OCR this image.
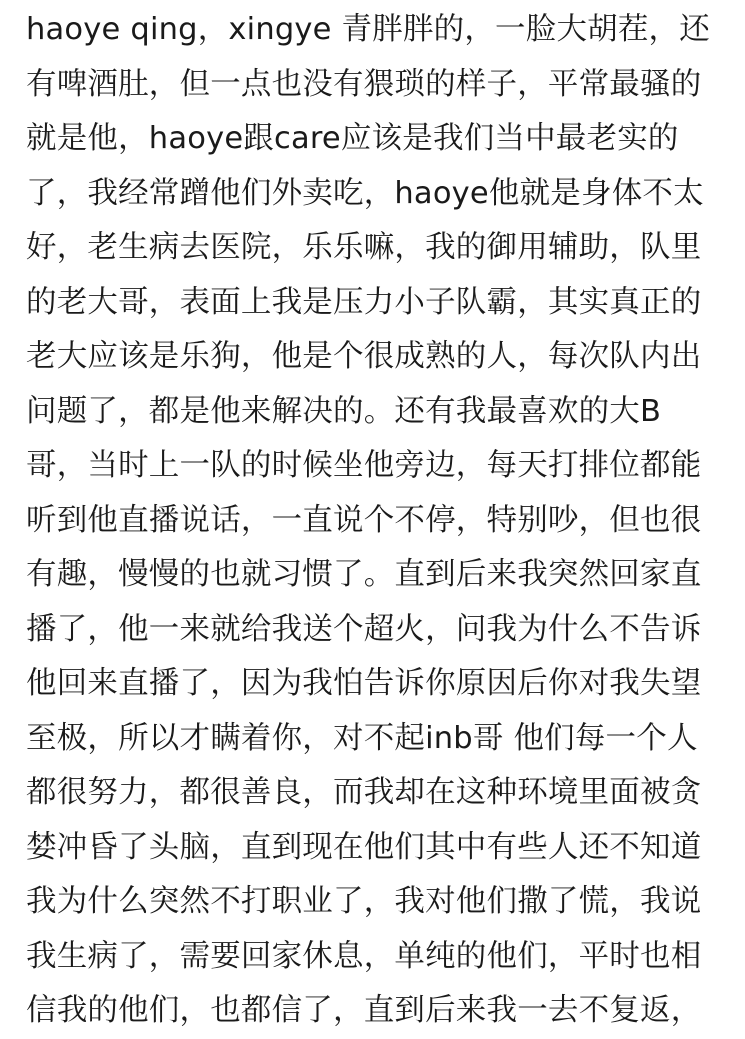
haoye qing，xingye 青胖胖的，一脸大胡茬，还
有啤酒肚，但一点也没有猥琐的样子，平常最骚的
就是他，haoye跟care应该是我们当中最老实的
了，我经常蹭他们外卖吃，haoye他就是身体不太
好，老生病去医院，乐乐嘛，我的御用辅助，队里
的老大哥，表面上我是压力小子队霸，其实真正的
老大应该是乐狗，他是个很成熟的人，每次队内出
问题了，都是他来解决的。还有我最喜欢的大B
哥，当时上一队的时候坐他旁边，每天打排位都能
听到他直播说话，一直说个不停，特别吵，但也很
有趣，慢慢的也就习惯了。直到后来我突然回家直
播了，他一来就给我送个超火，问我为什么不告诉
他回来直播了，因为我怕告诉你原因后你对我失望
至极，所以才瞒着你，对不起inb哥 他们每一个人
都很努力，都很善良，而我却在这种环境里面被贪
婪冲昏了头脑，直到现在他们其中有些人还不知道
我为什么突然不打职业了，我对他们撒了慌，我说
我生病了，需要回家休息，单纯的他们，平时也相
信我的他们，也都信了，直到后来我一去不复返，
